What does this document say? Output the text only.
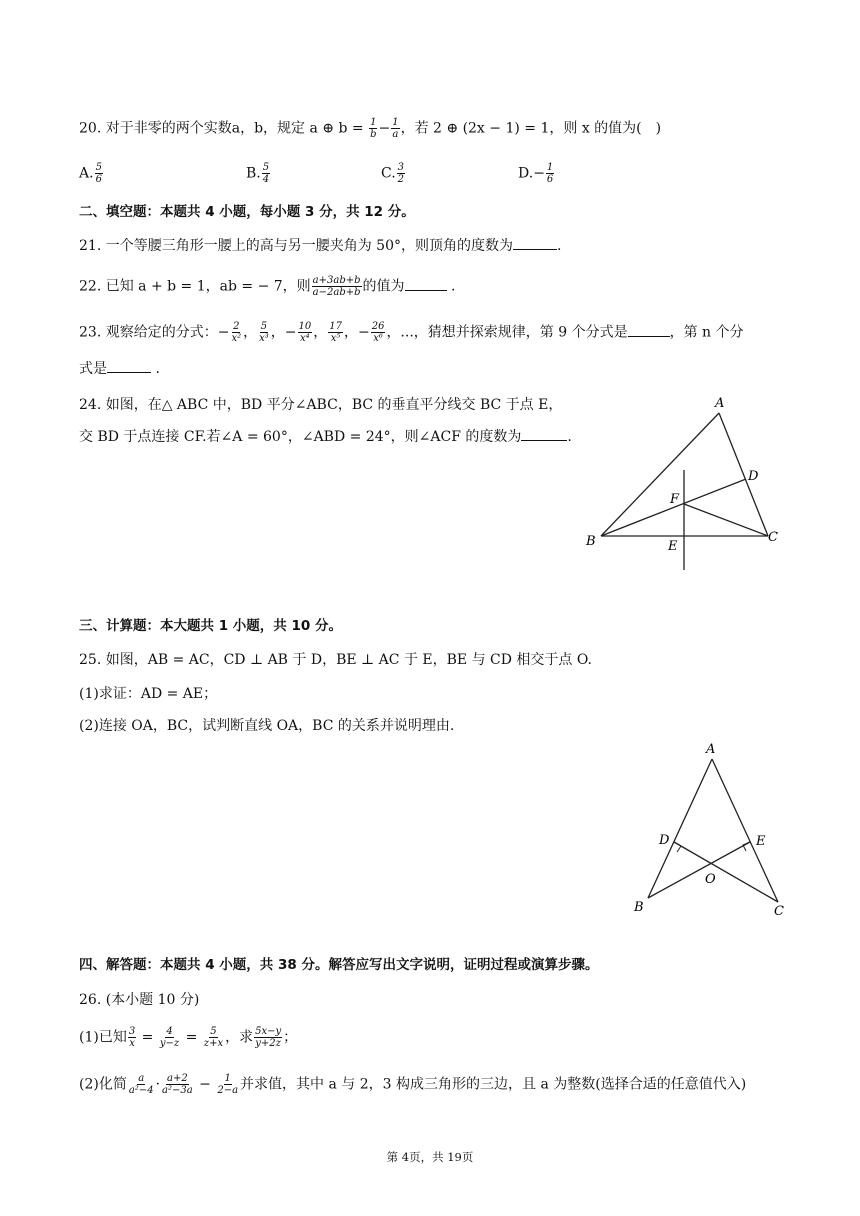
20. 对于非零的两个实数a，b，规定 a ⊕ $b = \frac{1}{b} - \frac{1}{a}$ ，若 2 ⊕ (2x − 1) = 1，则 x 的值为(　)
A. $\frac{5}{6}$	B. $\frac{5}{4}$	C. $\frac{3}{2}$	$D.- \frac{1}{6}$
二、填空题：本题共 4 小题，每小题 3 分，共 12 分。
21. 一个等腰三角形一腰上的高与另一腰夹角为 50°，则顶角的度数为	.
22. 已知 a + b = 1，ab = − 7，则 $\frac{a+3ab+b}{a-2ab+b}$ 的值为	.
23. 观察给定的分式：− $\frac{2}{\text{x²}}$ ， $\frac{5}{\text{x³}}$ ，− $\frac{10}{\text{x⁴}}$ ， $\frac{17}{\text{x⁵}}$ ，− $\frac{26}{\text{x⁶}}$ ，...，猜想并探索规律，第 9 个分式是	，第 n 个分
式是	.
24. 如图，在△ ABC 中，BD 平分∠ABC，BC 的垂直平分线交 BC 于点 E，
交 BD 于点连接 CF.若∠A = 60°，∠ABD = 24°，则∠ACF 的度数为	.
A
B	C
D
E
F
三、计算题：本大题共 1 小题，共 10 分。
25. 如图，AB = AC，CD ⊥ AB 于 D，BE ⊥ AC 于 E，BE 与 CD 相交于点 O.
(1)求证：AD = AE；
(2)连接 OA，BC，试判断直线 OA，BC 的关系并说明理由.
A
B	C
D	E
O
四、解答题：本题共 4 小题，共 38 分。解答应写出文字说明，证明过程或演算步骤。
26. (本小题 10 分)
(1)已知 $\frac{3}{x} = \frac{4}{y-z} = \frac{5}{z+x}$ ，求 $\frac{5x-y}{y+2z}$ ；
(2)化简 $\frac{a}{\text{a²−4}} \cdot \frac{a+2}{\text{a²−3a}} - \frac{1}{2-a}$ 并求值，其中 a 与 2，3 构成三角形的三边，且 a 为整数(选择合适的任意值代入)
第 4页，共 19页
